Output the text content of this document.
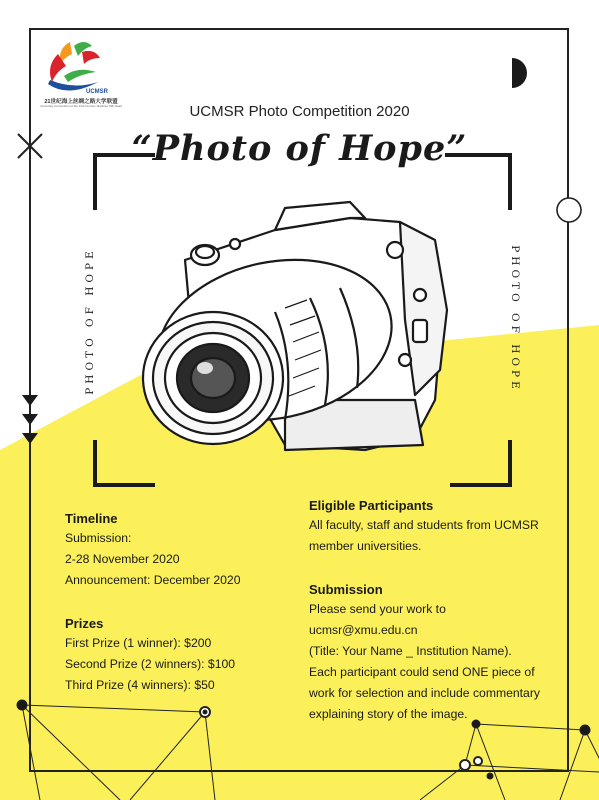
UCMSR
21世纪海上丝绸之路大学联盟
University Consortium of the 21st Century Maritime Silk Road	UCMSR Photo Competition 2020
“Photo of Hope”
PHOTO OF HOPE	PHOTO OF HOPE
Timeline
Submission:
2-28 November 2020
Announcement: December 2020
Prizes
First Prize (1 winner): $200
Second Prize (2 winners): $100
Third Prize (4 winners): $50
Eligible Participants
All faculty, staff and students from UCMSR
member universities.
Submission
Please send your work to
ucmsr@xmu.edu.cn
(Title: Your Name _ Institution Name).
Each participant could send ONE piece of
work for selection and include commentary
explaining story of the image.
